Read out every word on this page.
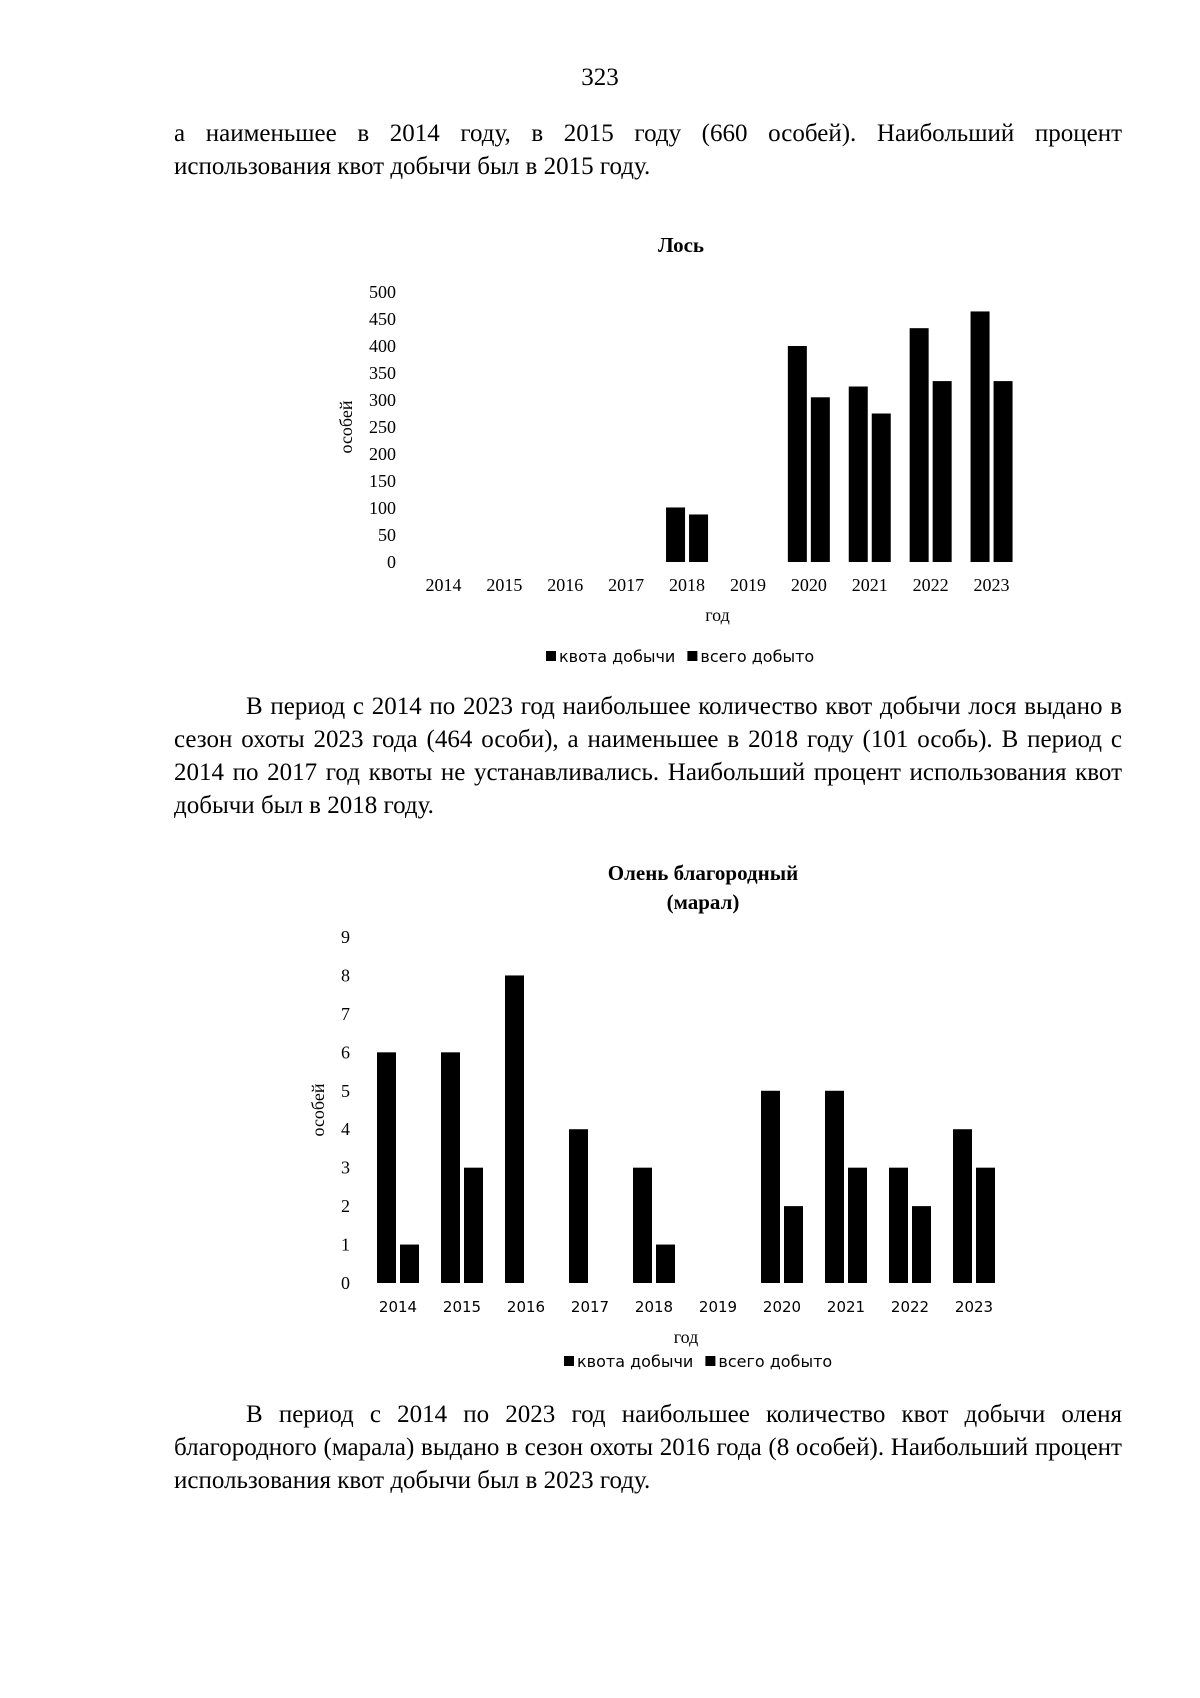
323

а наименьшее в 2014 году, в 2015 году (660 особей). Наибольший процент использования квот добычи был в 2015 году.

Лось
0
50
100
150
200
250
300
350
400
450
500
особей
2014 2015 2016 2017 2018 2019 2020 2021 2022 2023
год
квота добычи всего добыто
Олень благородный
(марал)
0
1
2
3
4
5
6
7
8
9
особей
2014 2015 2016 2017 2018 2019 2020 2021 2022 2023
год
квота добычи всего добыто

В период с 2014 по 2023 год наибольшее количество квот добычи лося выдано в сезон охоты 2023 года (464 особи), а наименьшее в 2018 году (101 особь). В период с 2014 по 2017 год квоты не устанавливались. Наибольший процент использования квот добычи был в 2018 году.

В период с 2014 по 2023 год наибольшее количество квот добычи оленя благородного (марала) выдано в сезон охоты 2016 года (8 особей). Наибольший процент использования квот добычи был в 2023 году.
